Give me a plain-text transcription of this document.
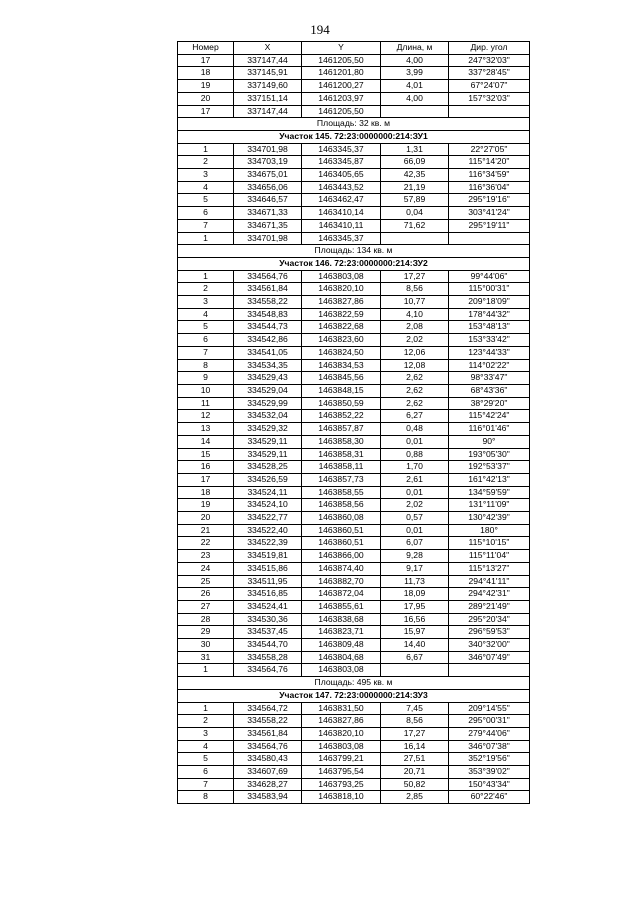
194
Номер	X	Y	Длина, м	Дир. угол
17	337147,44	1461205,50	4,00	247°32'03"
18	337145,91	1461201,80	3,99	337°28'45"
19	337149,60	1461200,27	4,01	67°24'07"
20	337151,14	1461203,97	4,00	157°32'03"
17	337147,44	1461205,50		
Площадь: 32 кв. м				
Участок 145. 72:23:0000000:214:ЗУ1				
1	334701,98	1463345,37	1,31	22°27'05"
2	334703,19	1463345,87	66,09	115°14'20"
3	334675,01	1463405,65	42,35	116°34'59"
4	334656,06	1463443,52	21,19	116°36'04"
5	334646,57	1463462,47	57,89	295°19'16"
6	334671,33	1463410,14	0,04	303°41'24"
7	334671,35	1463410,11	71,62	295°19'11"
1	334701,98	1463345,37		
Площадь: 134 кв. м				
Участок 146. 72:23:0000000:214:ЗУ2				
1	334564,76	1463803,08	17,27	99°44'06"
2	334561,84	1463820,10	8,56	115°00'31"
3	334558,22	1463827,86	10,77	209°18'09"
4	334548,83	1463822,59	4,10	178°44'32"
5	334544,73	1463822,68	2,08	153°48'13"
6	334542,86	1463823,60	2,02	153°33'42"
7	334541,05	1463824,50	12,06	123°44'33"
8	334534,35	1463834,53	12,08	114°02'22"
9	334529,43	1463845,56	2,62	98°33'47"
10	334529,04	1463848,15	2,62	68°43'36"
11	334529,99	1463850,59	2,62	38°29'20"
12	334532,04	1463852,22	6,27	115°42'24"
13	334529,32	1463857,87	0,48	116°01'46"
14	334529,11	1463858,30	0,01	90°
15	334529,11	1463858,31	0,88	193°05'30"
16	334528,25	1463858,11	1,70	192°53'37"
17	334526,59	1463857,73	2,61	161°42'13"
18	334524,11	1463858,55	0,01	134°59'59"
19	334524,10	1463858,56	2,02	131°11'09"
20	334522,77	1463860,08	0,57	130°42'39"
21	334522,40	1463860,51	0,01	180°
22	334522,39	1463860,51	6,07	115°10'15"
23	334519,81	1463866,00	9,28	115°11'04"
24	334515,86	1463874,40	9,17	115°13'27"
25	334511,95	1463882,70	11,73	294°41'11"
26	334516,85	1463872,04	18,09	294°42'31"
27	334524,41	1463855,61	17,95	289°21'49"
28	334530,36	1463838,68	16,56	295°20'34"
29	334537,45	1463823,71	15,97	296°59'53"
30	334544,70	1463809,48	14,40	340°32'00"
31	334558,28	1463804,68	6,67	346°07'49"
1	334564,76	1463803,08		
Площадь: 495 кв. м				
Участок 147. 72:23:0000000:214:ЗУ3				
1	334564,72	1463831,50	7,45	209°14'55"
2	334558,22	1463827,86	8,56	295°00'31"
3	334561,84	1463820,10	17,27	279°44'06"
4	334564,76	1463803,08	16,14	346°07'38"
5	334580,43	1463799,21	27,51	352°19'56"
6	334607,69	1463795,54	20,71	353°39'02"
7	334628,27	1463793,25	50,82	150°43'34"
8	334583,94	1463818,10	2,85	60°22'46"
